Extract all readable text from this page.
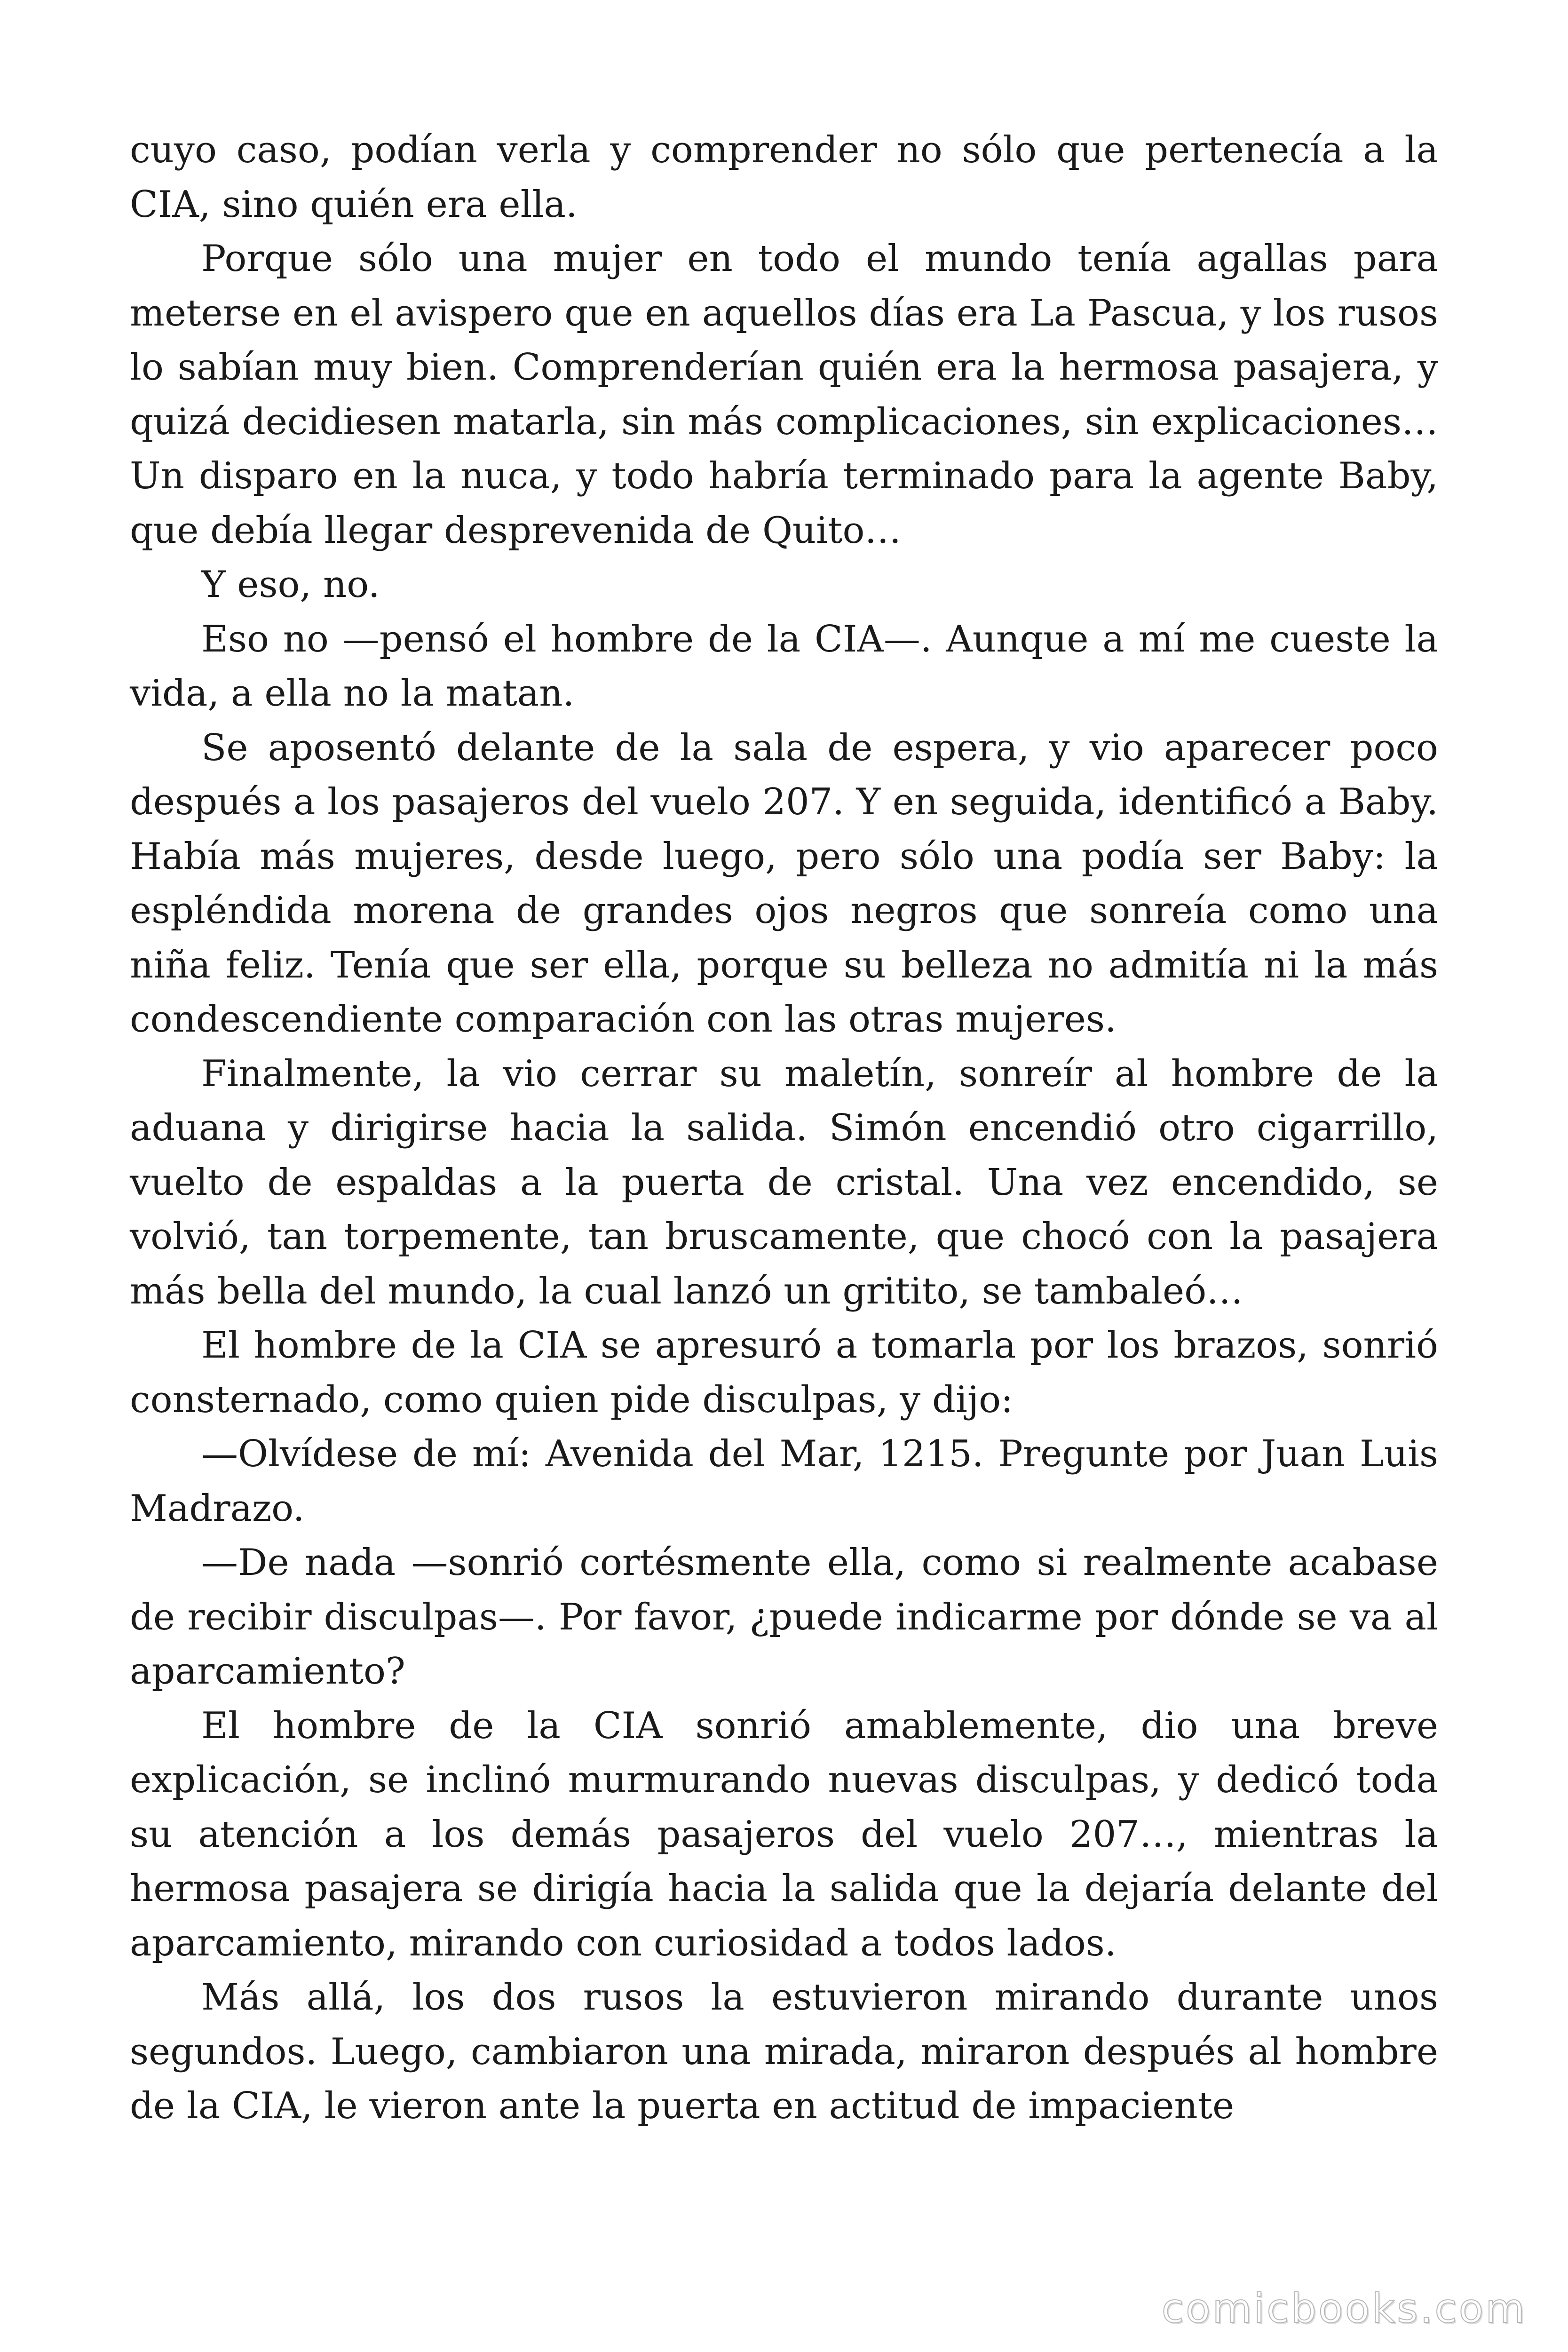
cuyo caso, podían verla y comprender no sólo que pertenecía a la CIA, sino quién era ella.

Porque sólo una mujer en todo el mundo tenía agallas para meterse en el avispero que en aquellos días era La Pascua, y los rusos lo sabían muy bien. Comprenderían quién era la hermosa pasajera, y quizá decidiesen matarla, sin más complicaciones, sin explicaciones… Un disparo en la nuca, y todo habría terminado para la agente Baby, que debía llegar desprevenida de Quito…

Y eso, no.

Eso no —pensó el hombre de la CIA—. Aunque a mí me cueste la vida, a ella no la matan.

Se aposentó delante de la sala de espera, y vio aparecer poco después a los pasajeros del vuelo 207. Y en seguida, identificó a Baby. Había más mujeres, desde luego, pero sólo una podía ser Baby: la espléndida morena de grandes ojos negros que sonreía como una niña feliz. Tenía que ser ella, porque su belleza no admitía ni la más condescendiente comparación con las otras mujeres.

Finalmente, la vio cerrar su maletín, sonreír al hombre de la aduana y dirigirse hacia la salida. Simón encendió otro cigarrillo, vuelto de espaldas a la puerta de cristal. Una vez encendido, se volvió, tan torpemente, tan bruscamente, que chocó con la pasajera más bella del mundo, la cual lanzó un gritito, se tambaleó…

El hombre de la CIA se apresuró a tomarla por los brazos, sonrió consternado, como quien pide disculpas, y dijo:

—Olvídese de mí: Avenida del Mar, 1215. Pregunte por Juan Luis Madrazo.

—De nada —sonrió cortésmente ella, como si realmente acabase de recibir disculpas—. Por favor, ¿puede indicarme por dónde se va al aparcamiento?

El hombre de la CIA sonrió amablemente, dio una breve explicación, se inclinó murmurando nuevas disculpas, y dedicó toda su atención a los demás pasajeros del vuelo 207…, mientras la hermosa pasajera se dirigía hacia la salida que la dejaría delante del aparcamiento, mirando con curiosidad a todos lados.

Más allá, los dos rusos la estuvieron mirando durante unos segundos. Luego, cambiaron una mirada, miraron después al hombre de la CIA, le vieron ante la puerta en actitud de impaciente

comicbooks.com
